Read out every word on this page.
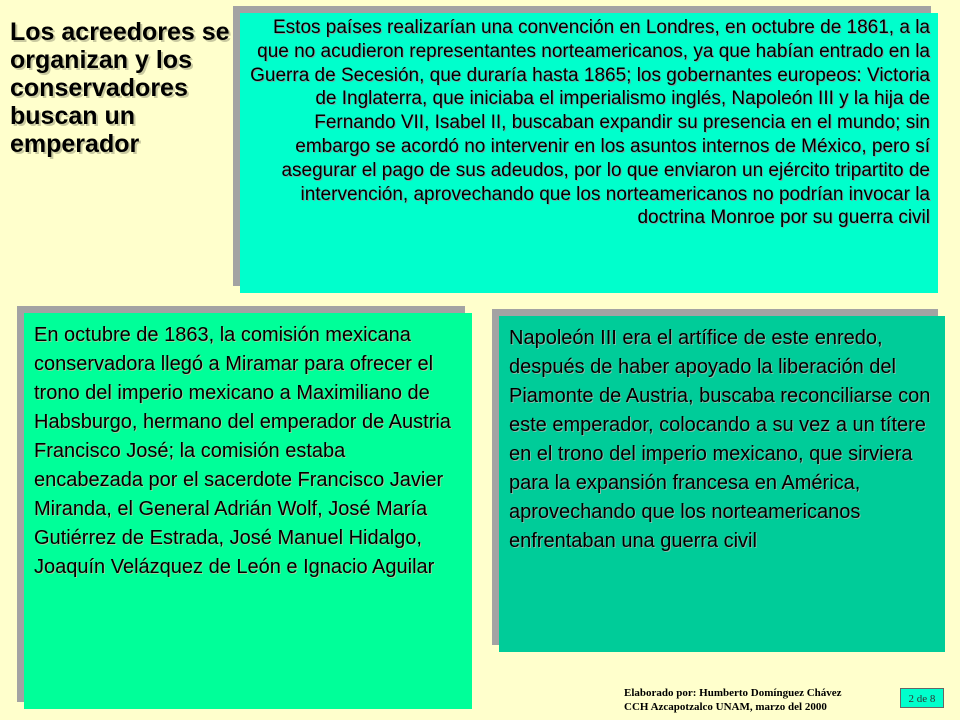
Los acreedores se organizan y los conservadores buscan un emperador

Estos países realizarían una convención en Londres, en octubre de 1861, a la que no acudieron representantes norteamericanos, ya que habían entrado en la Guerra de Secesión, que duraría hasta 1865; los gobernantes europeos: Victoria de Inglaterra, que iniciaba el imperialismo inglés, Napoleón III y la hija de Fernando VII, Isabel II, buscaban expandir su presencia en el mundo; sin embargo se acordó no intervenir en los asuntos internos de México, pero sí asegurar el pago de sus adeudos, por lo que enviaron un ejército tripartito de intervención, aprovechando que los norteamericanos no podrían invocar la doctrina Monroe por su guerra civil

En octubre de 1863, la comisión mexicana conservadora llegó a Miramar para ofrecer el trono del imperio mexicano a Maximiliano de Habsburgo, hermano del emperador de Austria Francisco José; la comisión estaba encabezada por el sacerdote Francisco Javier Miranda, el General Adrián Wolf, José María Gutiérrez de Estrada, José Manuel Hidalgo, Joaquín Velázquez de León e Ignacio Aguilar

Napoleón III era el artífice de este enredo, después de haber apoyado la liberación del Piamonte de Austria, buscaba reconciliarse con este emperador, colocando a su vez a un títere en el trono del imperio mexicano, que sirviera para la expansión francesa en América, aprovechando que los norteamericanos enfrentaban una guerra civil

Elaborado por: Humberto Domínguez Chávez
CCH Azcapotzalco UNAM, marzo del 2000
2 de 8
